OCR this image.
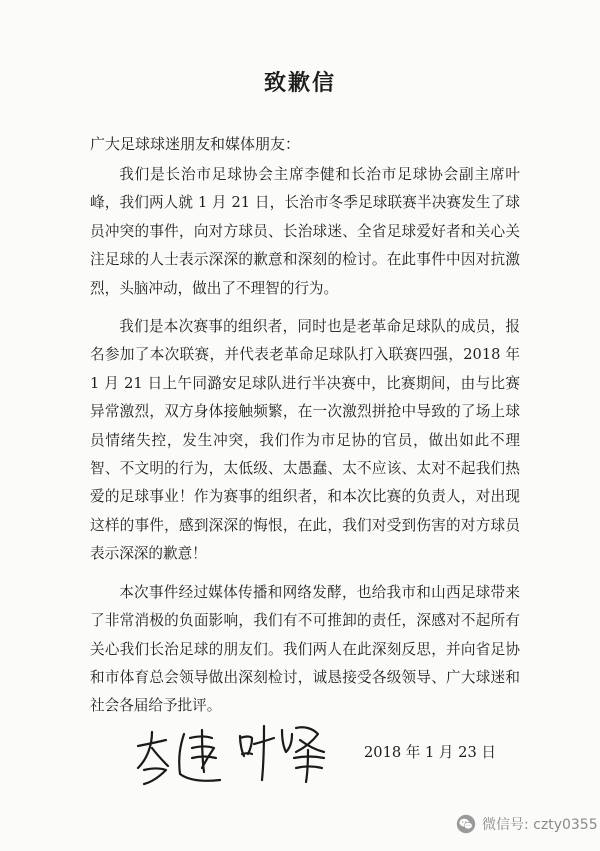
致歉信
广大足球球迷朋友和媒体朋友：

我们是长治市足球协会主席李健和长治市足球协会副主席叶峰，我们两人就 1 月 21 日，长治市冬季足球联赛半决赛发生了球员冲突的事件，向对方球员、长治球迷、全省足球爱好者和关心关注足球的人士表示深深的歉意和深刻的检讨。在此事件中因对抗激烈，头脑冲动，做出了不理智的行为。

我们是本次赛事的组织者，同时也是老革命足球队的成员，报名参加了本次联赛，并代表老革命足球队打入联赛四强，2018 年 1 月 21 日上午同潞安足球队进行半决赛中，比赛期间，由与比赛异常激烈，双方身体接触频繁，在一次激烈拼抢中导致的了场上球员情绪失控，发生冲突，我们作为市足协的官员，做出如此不理智、不文明的行为，太低级、太愚蠢、太不应该、太对不起我们热爱的足球事业！作为赛事的组织者，和本次比赛的负责人，对出现这样的事件，感到深深的悔恨，在此，我们对受到伤害的对方球员表示深深的歉意！

本次事件经过媒体传播和网络发酵，也给我市和山西足球带来了非常消极的负面影响，我们有不可推卸的责任，深感对不起所有关心我们长治足球的朋友们。我们两人在此深刻反思，并向省足协和市体育总会领导做出深刻检讨，诚恳接受各级领导、广大球迷和社会各届给予批评。

2018 年 1 月 23 日
微信号: czty0355
